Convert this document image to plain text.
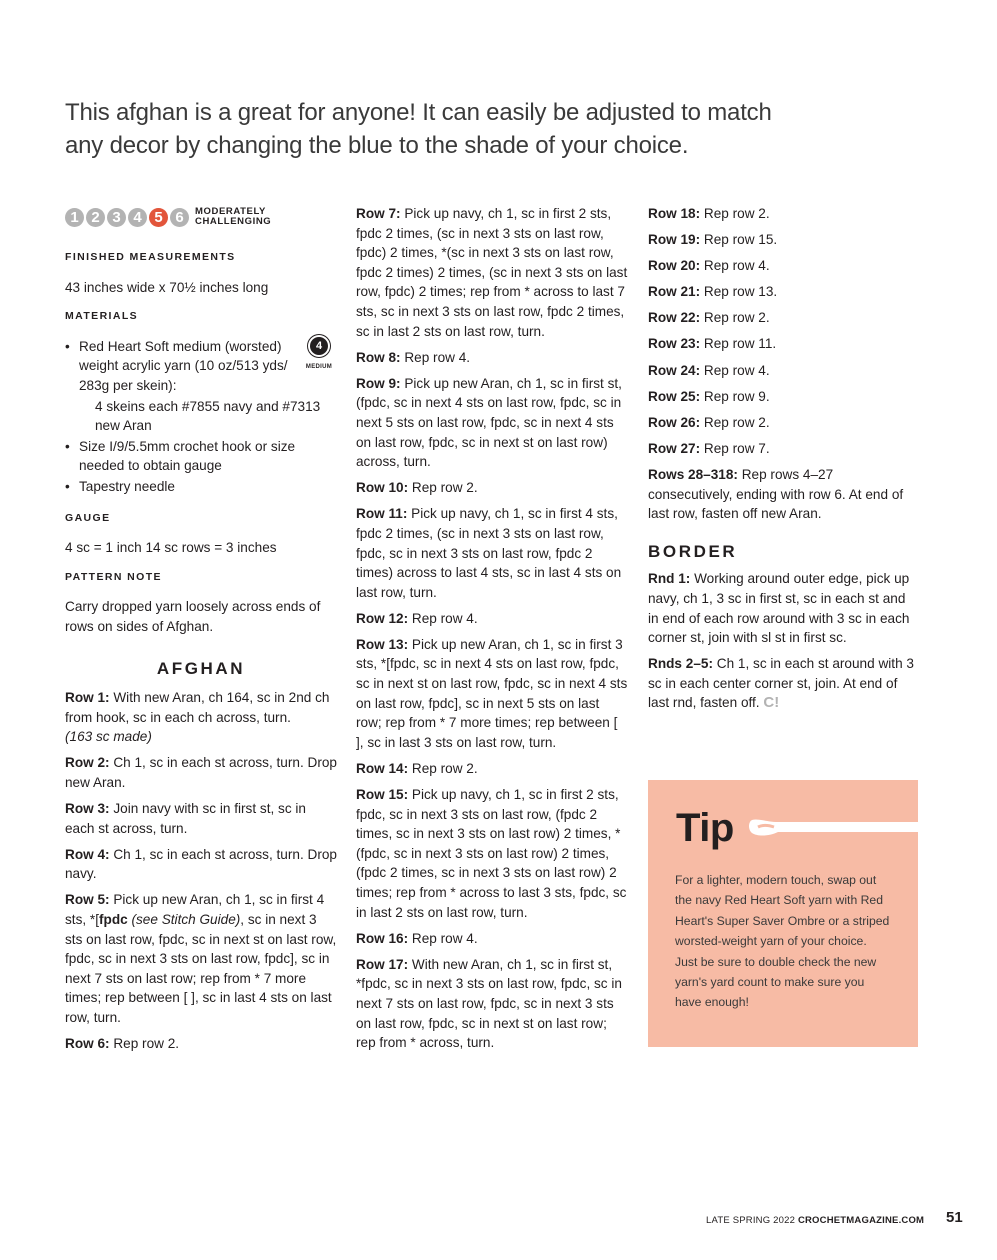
This afghan is a great for anyone! It can easily be adjusted to match
any decor by changing the blue to the shade of your choice.
1 2 3 4 5 6	MODERATELY
CHALLENGING
FINISHED MEASUREMENTS

43 inches wide x 70½ inches long

MATERIALS
• Red Heart Soft medium (worsted) weight acrylic yarn (10 oz/513 yds/ 283g per skein):
4 skeins each #7855 navy and #7313 new Aran
• Size I/9/5.5mm crochet hook or size needed to obtain gauge
• Tapestry needle
4
MEDIUM
GAUGE

4 sc = 1 inch 14 sc rows = 3 inches

PATTERN NOTE

Carry dropped yarn loosely across ends of rows on sides of Afghan.

AFGHAN

Row 1: With new Aran, ch 164, sc in 2nd ch from hook, sc in each ch across, turn.
(163 sc made)

Row 2: Ch 1, sc in each st across, turn. Drop new Aran.

Row 3: Join navy with sc in first st, sc in each st across, turn.

Row 4: Ch 1, sc in each st across, turn. Drop navy.

Row 5: Pick up new Aran, ch 1, sc in first 4 sts, *[fpdc (see Stitch Guide), sc in next 3 sts on last row, fpdc, sc in next st on last row, fpdc, sc in next 3 sts on last row, fpdc], sc in next 7 sts on last row; rep from * 7 more times; rep between [ ], sc in last 4 sts on last row, turn.

Row 6: Rep row 2.

Row 7: Pick up navy, ch 1, sc in first 2 sts, fpdc 2 times, (sc in next 3 sts on last row, fpdc) 2 times, *(sc in next 3 sts on last row, fpdc 2 times) 2 times, (sc in next 3 sts on last row, fpdc) 2 times; rep from * across to last 7 sts, sc in next 3 sts on last row, fpdc 2 times, sc in last 2 sts on last row, turn.

Row 8: Rep row 4.

Row 9: Pick up new Aran, ch 1, sc in first st, (fpdc, sc in next 4 sts on last row, fpdc, sc in next 5 sts on last row, fpdc, sc in next 4 sts on last row, fpdc, sc in next st on last row) across, turn.

Row 10: Rep row 2.

Row 11: Pick up navy, ch 1, sc in first 4 sts, fpdc 2 times, (sc in next 3 sts on last row, fpdc, sc in next 3 sts on last row, fpdc 2 times) across to last 4 sts, sc in last 4 sts on last row, turn.

Row 12: Rep row 4.

Row 13: Pick up new Aran, ch 1, sc in first 3 sts, *[fpdc, sc in next 4 sts on last row, fpdc, sc in next st on last row, fpdc, sc in next 4 sts on last row, fpdc], sc in next 5 sts on last row; rep from * 7 more times; rep between [ ], sc in last 3 sts on last row, turn.

Row 14: Rep row 2.

Row 15: Pick up navy, ch 1, sc in first 2 sts, fpdc, sc in next 3 sts on last row, (fpdc 2 times, sc in next 3 sts on last row) 2 times, *(fpdc, sc in next 3 sts on last row) 2 times, (fpdc 2 times, sc in next 3 sts on last row) 2 times; rep from * across to last 3 sts, fpdc, sc in last 2 sts on last row, turn.

Row 16: Rep row 4.

Row 17: With new Aran, ch 1, sc in first st, *fpdc, sc in next 3 sts on last row, fpdc, sc in next 7 sts on last row, fpdc, sc in next 3 sts on last row, fpdc, sc in next st on last row; rep from * across, turn.

Row 18: Rep row 2.

Row 19: Rep row 15.

Row 20: Rep row 4.

Row 21: Rep row 13.

Row 22: Rep row 2.

Row 23: Rep row 11.

Row 24: Rep row 4.

Row 25: Rep row 9.

Row 26: Rep row 2.

Row 27: Rep row 7.

Rows 28–318: Rep rows 4–27 consecutively, ending with row 6. At end of last row, fasten off new Aran.

BORDER

Rnd 1: Working around outer edge, pick up navy, ch 1, 3 sc in first st, sc in each st and in end of each row around with 3 sc in each corner st, join with sl st in first sc.

Rnds 2–5: Ch 1, sc in each st around with 3 sc in each center corner st, join. At end of last rnd, fasten off. C!

Tip
For a lighter, modern touch, swap out the navy Red Heart Soft yarn with Red Heart's Super Saver Ombre or a striped worsted-weight yarn of your choice. Just be sure to double check the new yarn's yard count to make sure you have enough!
LATE SPRING 2022 CROCHETMAGAZINE.COM 51
